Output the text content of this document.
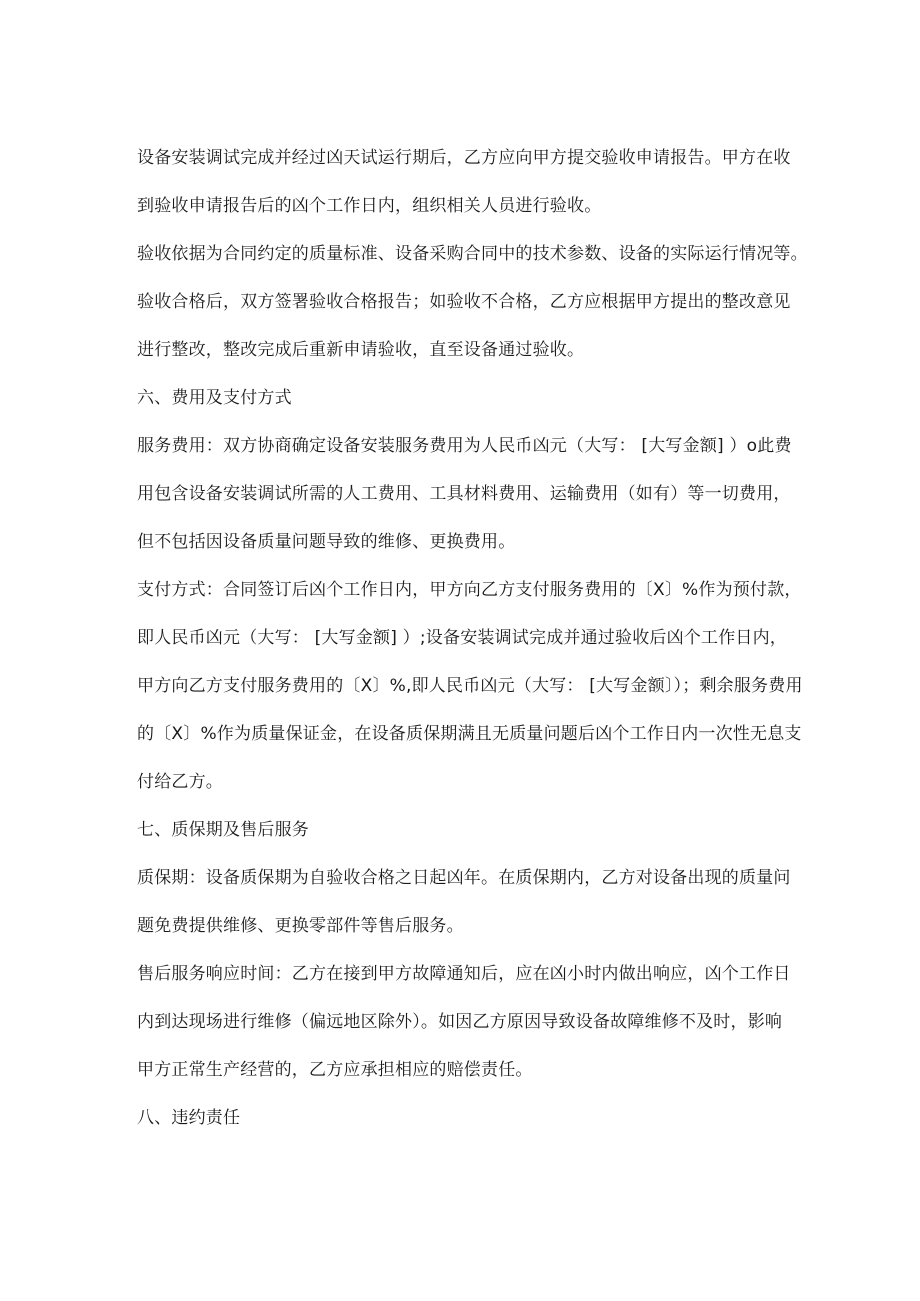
设备安装调试完成并经过凶天试运行期后，乙方应向甲方提交验收申请报告。甲方在收
到验收申请报告后的凶个工作日内，组织相关人员进行验收。
验收依据为合同约定的质量标准、设备采购合同中的技术参数、设备的实际运行情况等。
验收合格后，双方签署验收合格报告；如验收不合格，乙方应根据甲方提出的整改意见
进行整改，整改完成后重新申请验收，直至设备通过验收。
六、费用及支付方式
服务费用：双方协商确定设备安装服务费用为人民币凶元（大写： [大写金额] ）o此费
用包含设备安装调试所需的人工费用、工具材料费用、运输费用（如有）等一切费用，
但不包括因设备质量问题导致的维修、更换费用。
支付方式：合同签订后凶个工作日内，甲方向乙方支付服务费用的〔X〕%作为预付款，
即人民币凶元（大写： [大写金额] ）;设备安装调试完成并通过验收后凶个工作日内，
甲方向乙方支付服务费用的〔X〕%,即人民币凶元（大写： [大写金额〕）；剩余服务费用
的〔X〕%作为质量保证金，在设备质保期满且无质量问题后凶个工作日内一次性无息支
付给乙方。
七、质保期及售后服务
质保期：设备质保期为自验收合格之日起凶年。在质保期内，乙方对设备出现的质量问
题免费提供维修、更换零部件等售后服务。
售后服务响应时间：乙方在接到甲方故障通知后，应在凶小时内做出响应，凶个工作日
内到达现场进行维修（偏远地区除外）。如因乙方原因导致设备故障维修不及时，影响
甲方正常生产经营的，乙方应承担相应的赔偿责任。
八、违约责任
